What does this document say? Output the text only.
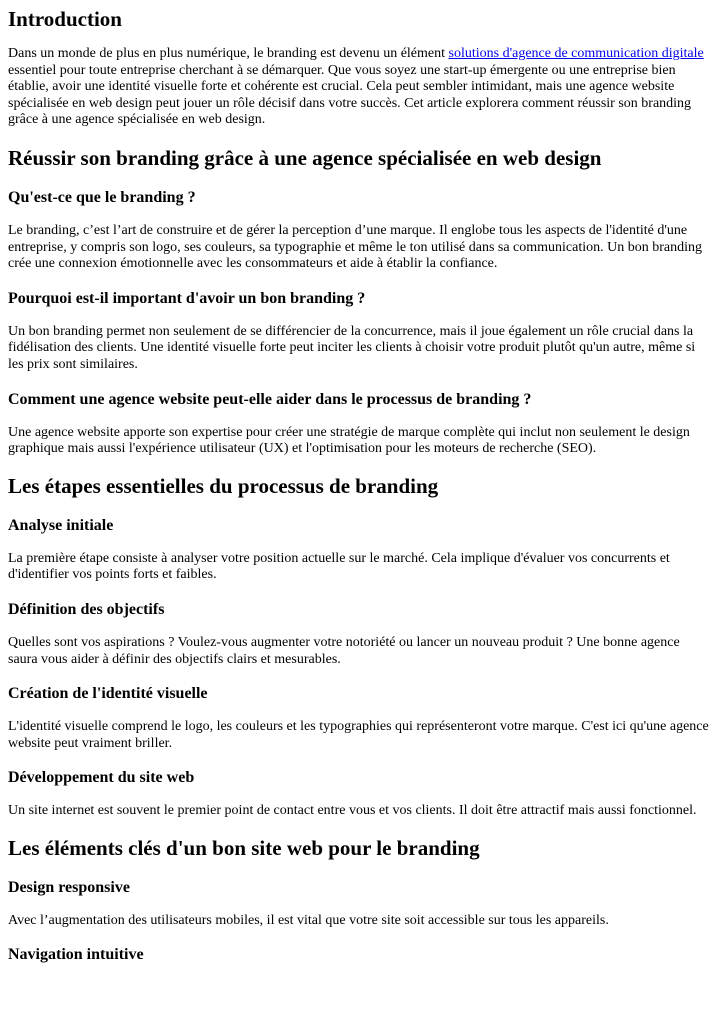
Introduction

Dans un monde de plus en plus numérique, le branding est devenu un élément solutions d'agence de communication digitale essentiel pour toute entreprise cherchant à se démarquer. Que vous soyez une start-up émergente ou une entreprise bien établie, avoir une identité visuelle forte et cohérente est crucial. Cela peut sembler intimidant, mais une agence website spécialisée en web design peut jouer un rôle décisif dans votre succès. Cet article explorera comment réussir son branding grâce à une agence spécialisée en web design.

Réussir son branding grâce à une agence spécialisée en web design
Qu'est-ce que le branding ?

Le branding, c’est l’art de construire et de gérer la perception d’une marque. Il englobe tous les aspects de l'identité d'une entreprise, y compris son logo, ses couleurs, sa typographie et même le ton utilisé dans sa communication. Un bon branding crée une connexion émotionnelle avec les consommateurs et aide à établir la confiance.

Pourquoi est-il important d'avoir un bon branding ?

Un bon branding permet non seulement de se différencier de la concurrence, mais il joue également un rôle crucial dans la fidélisation des clients. Une identité visuelle forte peut inciter les clients à choisir votre produit plutôt qu'un autre, même si les prix sont similaires.

Comment une agence website peut-elle aider dans le processus de branding ?

Une agence website apporte son expertise pour créer une stratégie de marque complète qui inclut non seulement le design graphique mais aussi l'expérience utilisateur (UX) et l'optimisation pour les moteurs de recherche (SEO).

Les étapes essentielles du processus de branding
Analyse initiale

La première étape consiste à analyser votre position actuelle sur le marché. Cela implique d'évaluer vos concurrents et d'identifier vos points forts et faibles.

Définition des objectifs

Quelles sont vos aspirations ? Voulez-vous augmenter votre notoriété ou lancer un nouveau produit ? Une bonne agence saura vous aider à définir des objectifs clairs et mesurables.

Création de l'identité visuelle

L'identité visuelle comprend le logo, les couleurs et les typographies qui représenteront votre marque. C'est ici qu'une agence website peut vraiment briller.

Développement du site web

Un site internet est souvent le premier point de contact entre vous et vos clients. Il doit être attractif mais aussi fonctionnel.

Les éléments clés d'un bon site web pour le branding
Design responsive

Avec l’augmentation des utilisateurs mobiles, il est vital que votre site soit accessible sur tous les appareils.

Navigation intuitive
